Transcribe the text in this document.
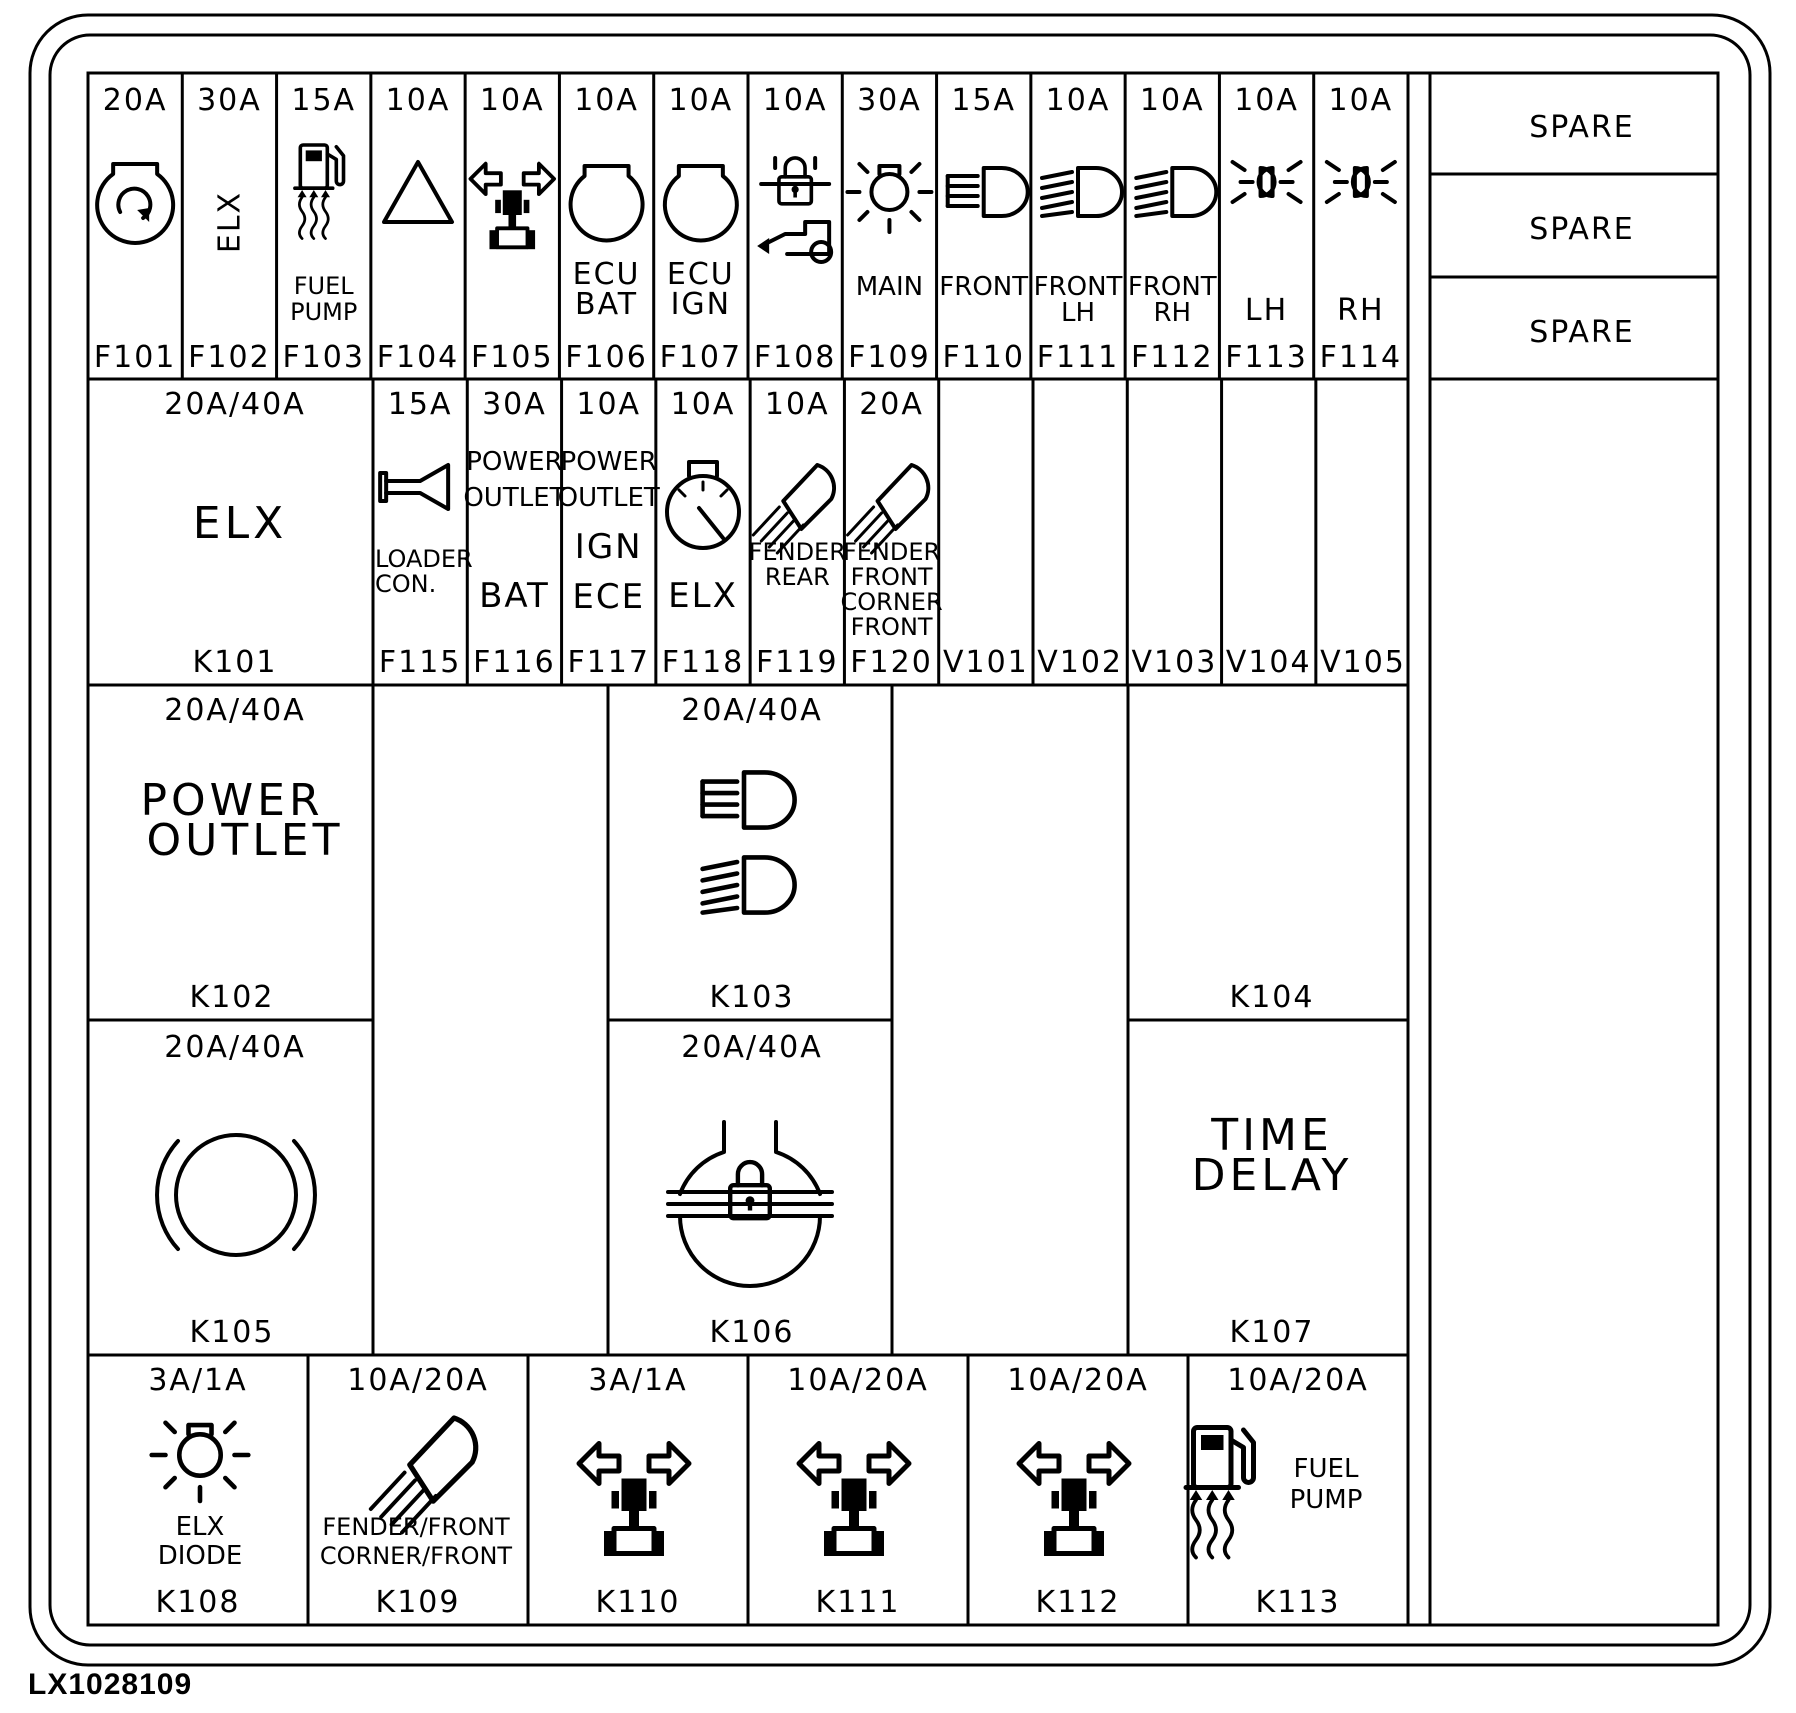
SPARE
SPARE
SPARE
20A
F101
30A
F102
ELX
15A
F103
FUEL
PUMP
10A
F104
10A
F105
10A
F106
ECU
BAT
10A
F107
ECU
IGN
10A
F108
30A
F109
MAIN
15A
F110
FRONT
10A
F111
FRONT
LH
10A
F112
FRONT
RH
10A
F113
LH
10A
F114
RH
20A/40A
ELX
K101
15A
F115
LOADER
CON.
30A
F116
POWER
OUTLET
BAT
10A
F117
POWER
OUTLET
IGN
ECE
10A
F118
ELX
10A
F119
FENDER
REAR
20A
F120
FENDER
FRONT
CORNER
FRONT
V101 V102 V103 V104 V105
20A/40A
POWER
OUTLET
K102
20A/40A
K103	K104
20A/40A
K105
20A/40A
K106
TIME
DELAY
K107
3A/1A
K108
ELX
DIODE
10A/20A
K109
FENDER/FRONT
CORNER/FRONT
3A/1A
K110
10A/20A
K111
10A/20A
K112
10A/20A
K113
FUEL
PUMP
LX1028109
